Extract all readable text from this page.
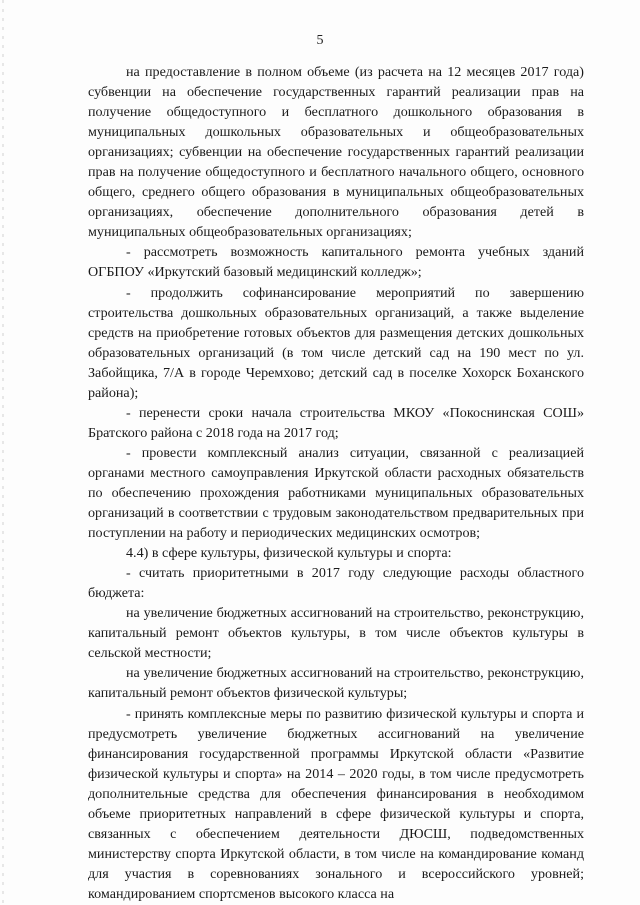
5

на предоставление в полном объеме (из расчета на 12 месяцев 2017 года) субвенции на обеспечение государственных гарантий реализации прав на получение общедоступного и бесплатного дошкольного образования в муниципальных дошкольных образовательных и общеобразовательных организациях; субвенции на обеспечение государственных гарантий реализации прав на получение общедоступного и бесплатного начального общего, основного общего, среднего общего образования в муниципальных общеобразовательных организациях, обеспечение дополнительного образования детей в муниципальных общеобразовательных организациях;

- рассмотреть возможность капитального ремонта учебных зданий ОГБПОУ «Иркутский базовый медицинский колледж»;

- продолжить софинансирование мероприятий по завершению строительства дошкольных образовательных организаций, а также выделение средств на приобретение готовых объектов для размещения детских дошкольных образовательных организаций (в том числе детский сад на 190 мест по ул. Забойщика, 7/А в городе Черемхово; детский сад в поселке Хохорск Боханского района);

- перенести сроки начала строительства МКОУ «Покоснинская СОШ» Братского района с 2018 года на 2017 год;

- провести комплексный анализ ситуации, связанной с реализацией органами местного самоуправления Иркутской области расходных обязательств по обеспечению прохождения работниками муниципальных образовательных организаций в соответствии с трудовым законодательством предварительных при поступлении на работу и периодических медицинских осмотров;

4.4) в сфере культуры, физической культуры и спорта:

- считать приоритетными в 2017 году следующие расходы областного бюджета:

на увеличение бюджетных ассигнований на строительство, реконструкцию, капитальный ремонт объектов культуры, в том числе объектов культуры в сельской местности;

на увеличение бюджетных ассигнований на строительство, реконструкцию, капитальный ремонт объектов физической культуры;

- принять комплексные меры по развитию физической культуры и спорта и предусмотреть увеличение бюджетных ассигнований на увеличение финансирования государственной программы Иркутской области «Развитие физической культуры и спорта» на 2014 – 2020 годы, в том числе предусмотреть дополнительные средства для обеспечения финансирования в необходимом объеме приоритетных направлений в сфере физической культуры и спорта, связанных с обеспечением деятельности ДЮСШ, подведомственных министерству спорта Иркутской области, в том числе на командирование команд для участия в соревнованиях зонального и всероссийского уровней; командированием спортсменов высокого класса на
